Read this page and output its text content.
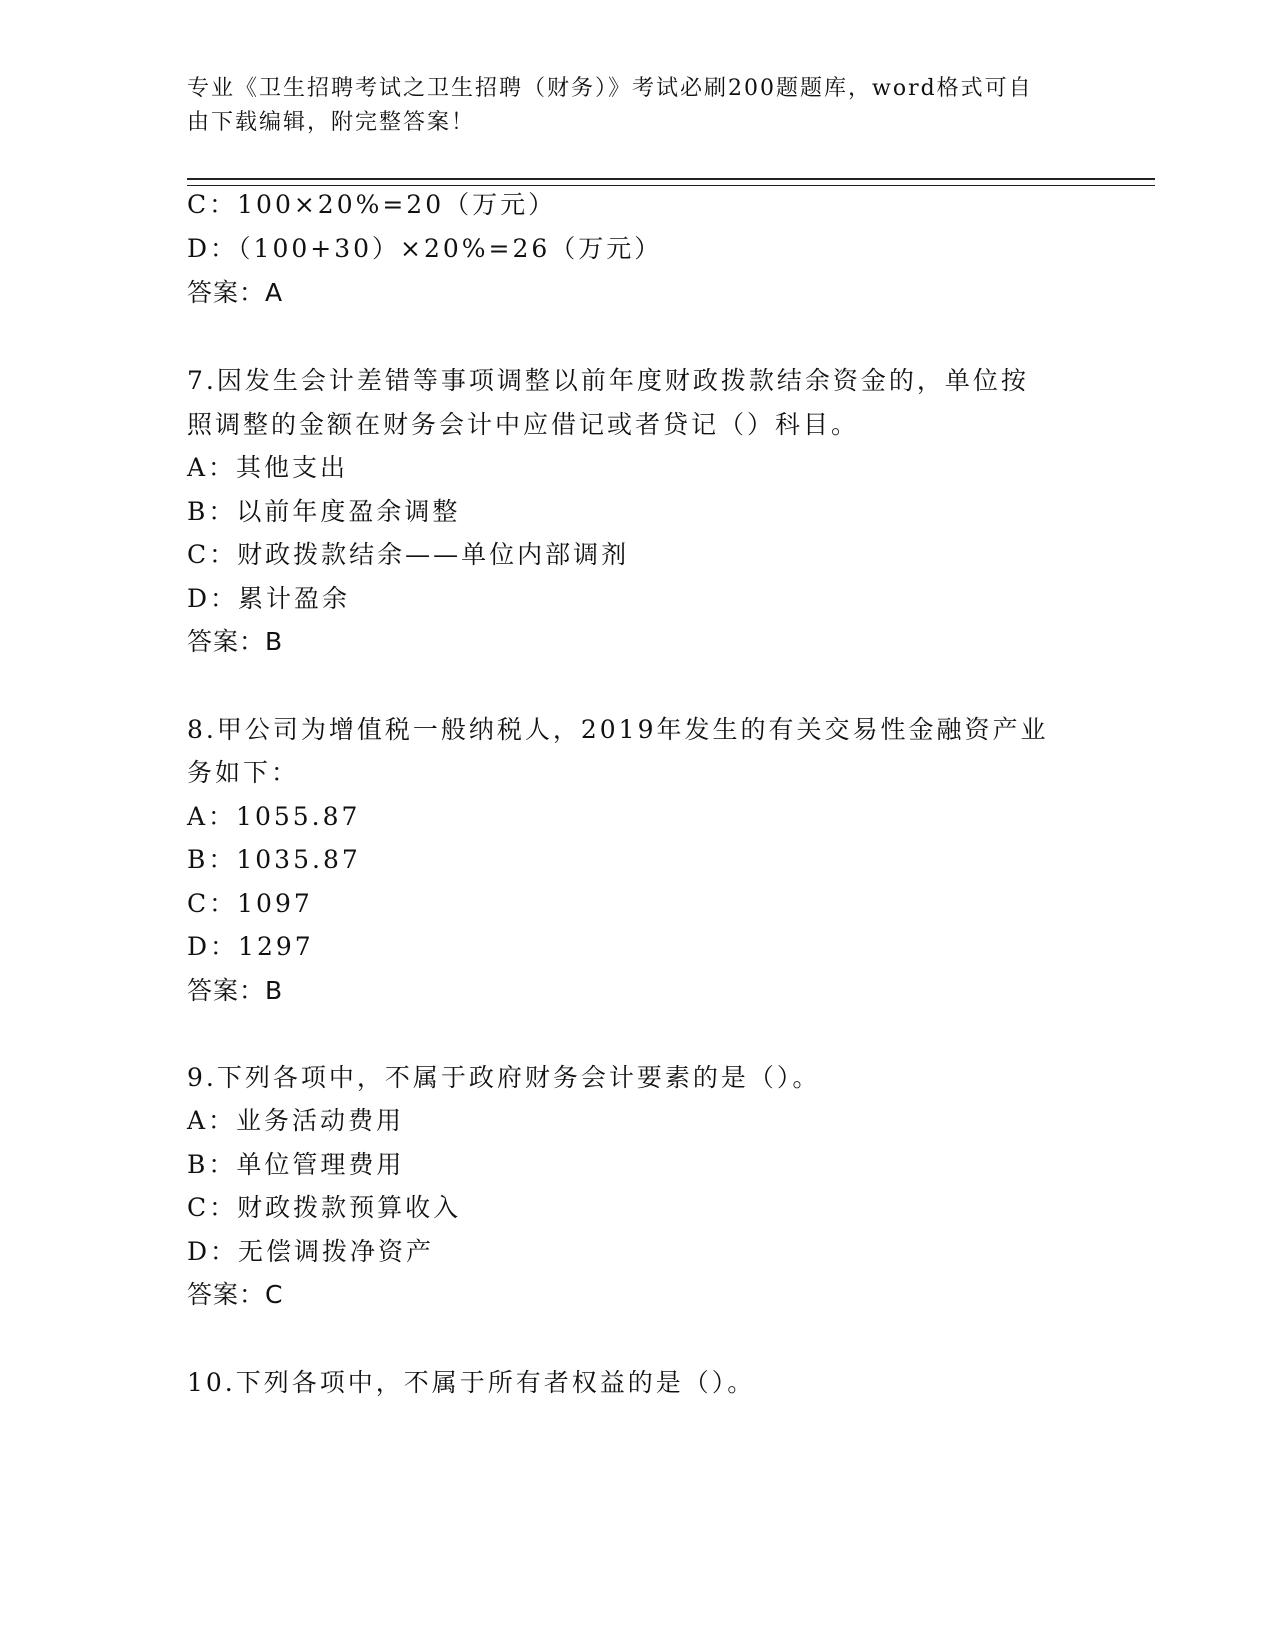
专业《卫生招聘考试之卫生招聘（财务）》考试必刷200题题库，word格式可自
由下载编辑，附完整答案！
C：100×20%=20（万元）
D：（100+30）×20%=26（万元）
答案：A
7.因发生会计差错等事项调整以前年度财政拨款结余资金的，单位按
照调整的金额在财务会计中应借记或者贷记（）科目。
A：其他支出
B：以前年度盈余调整
C：财政拨款结余——单位内部调剂
D：累计盈余
答案：B
8.甲公司为增值税一般纳税人，2019年发生的有关交易性金融资产业
务如下：
A：1055.87
B：1035.87
C：1097
D：1297
答案：B
9.下列各项中，不属于政府财务会计要素的是（）。
A：业务活动费用
B：单位管理费用
C：财政拨款预算收入
D：无偿调拨净资产
答案：C
10.下列各项中，不属于所有者权益的是（）。
